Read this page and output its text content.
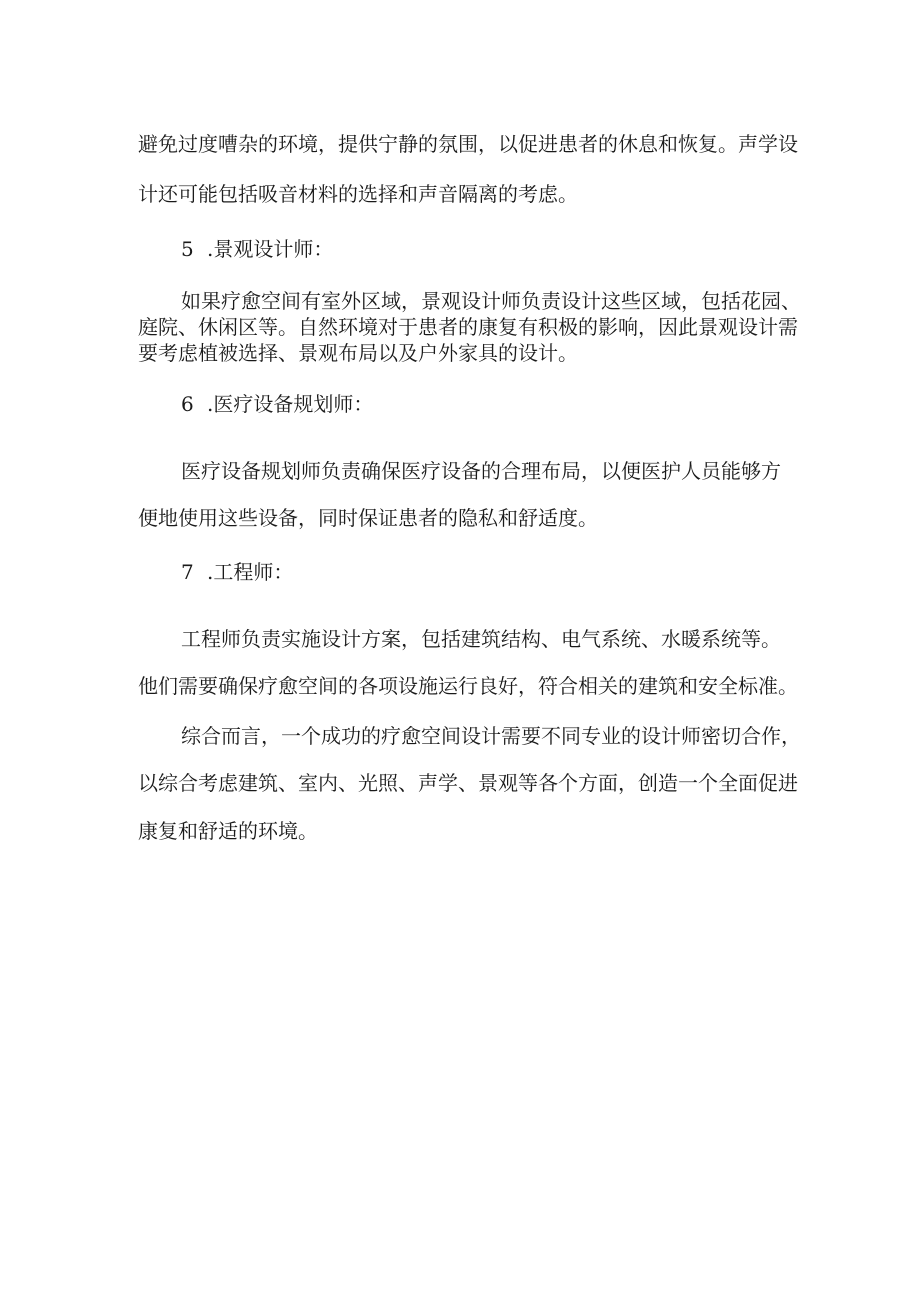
避免过度嘈杂的环境，提供宁静的氛围，以促进患者的休息和恢复。声学设
计还可能包括吸音材料的选择和声音隔离的考虑。
5 .景观设计师：
如果疗愈空间有室外区域，景观设计师负责设计这些区域，包括花园、
庭院、休闲区等。自然环境对于患者的康复有积极的影响，因此景观设计需
要考虑植被选择、景观布局以及户外家具的设计。
6 .医疗设备规划师：
医疗设备规划师负责确保医疗设备的合理布局，以便医护人员能够方
便地使用这些设备，同时保证患者的隐私和舒适度。
7 .工程师：
工程师负责实施设计方案，包括建筑结构、电气系统、水暖系统等。
他们需要确保疗愈空间的各项设施运行良好，符合相关的建筑和安全标准。
综合而言，一个成功的疗愈空间设计需要不同专业的设计师密切合作，
以综合考虑建筑、室内、光照、声学、景观等各个方面，创造一个全面促进
康复和舒适的环境。
